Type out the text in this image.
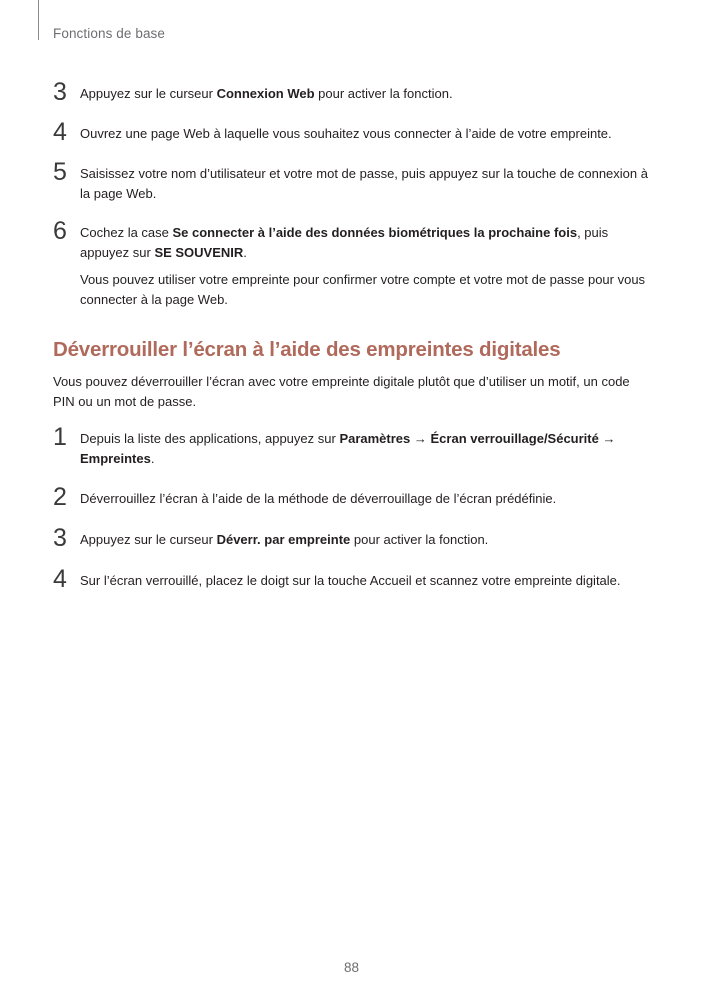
Fonctions de base
3 Appuyez sur le curseur Connexion Web pour activer la fonction.
4 Ouvrez une page Web à laquelle vous souhaitez vous connecter à l’aide de votre empreinte.
5 Saisissez votre nom d’utilisateur et votre mot de passe, puis appuyez sur la touche de connexion à la page Web.
6 Cochez la case Se connecter à l’aide des données biométriques la prochaine fois, puis appuyez sur SE SOUVENIR.
Vous pouvez utiliser votre empreinte pour confirmer votre compte et votre mot de passe pour vous connecter à la page Web.
Déverrouiller l’écran à l’aide des empreintes digitales
Vous pouvez déverrouiller l’écran avec votre empreinte digitale plutôt que d’utiliser un motif, un code PIN ou un mot de passe.
1 Depuis la liste des applications, appuyez sur Paramètres → Écran verrouillage/Sécurité → Empreintes.
2 Déverrouillez l’écran à l’aide de la méthode de déverrouillage de l’écran prédéfinie.
3 Appuyez sur le curseur Déverr. par empreinte pour activer la fonction.
4 Sur l’écran verrouillé, placez le doigt sur la touche Accueil et scannez votre empreinte digitale.
88
